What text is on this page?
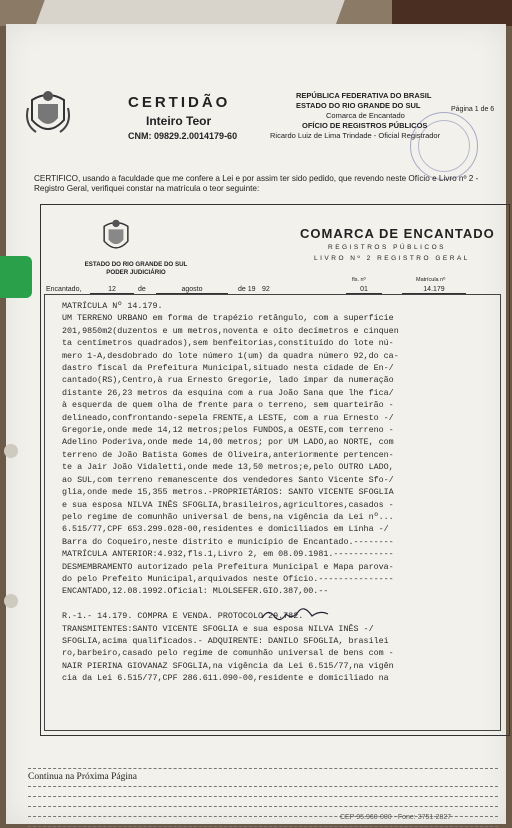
CERTIDÃO
Inteiro Teor
CNM: 09829.2.0014179-60
REPÚBLICA FEDERATIVA DO BRASIL
ESTADO DO RIO GRANDE DO SUL
Comarca de Encantado
OFÍCIO DE REGISTROS PÚBLICOS
Ricardo Luiz de Lima Trindade - Oficial Registrador
Página 1 de 6
CERTIFICO, usando a faculdade que me confere a Lei e por assim ter sido pedido, que revendo neste Ofício e Livro nº 2 - Registro Geral, verifiquei constar na matrícula o teor seguinte:
COMARCA DE ENCANTADO
REGISTROS PÚBLICOS
LIVRO Nº 2 REGISTRO GERAL
ESTADO DO RIO GRANDE DO SUL
PODER JUDICIÁRIO
Encantado,	12	de	agosto	de 19 92
fls. nº
01
Matrícula nº
14.179

MATRÍCULA Nº 14.179.

UM TERRENO URBANO em forma de trapézio retângulo, com a superfície

201,9850m2(duzentos e um metros,noventa e oito decímetros e cinquen

ta centímetros quadrados),sem benfeitorias,constituído do lote nú-

mero 1-A,desdobrado do lote número 1(um) da quadra número 92,do ca-

dastro fiscal da Prefeitura Municipal,situado nesta cidade de En-/

cantado(RS),Centro,à rua Ernesto Gregorie, lado ímpar da numeração

distante 26,23 metros da esquina com a rua João Sana que lhe fica/

à esquerda de quem olha de frente para o terreno, sem quarteirão -

delineado,confrontando-sepela FRENTE,a LESTE, com a rua Ernesto -/

Gregorie,onde mede 14,12 metros;pelos FUNDOS,a OESTE,com terreno -

Adelino Poderiva,onde mede 14,00 metros; por UM LADO,ao NORTE, com

terreno de João Batista Gomes de Oliveira,anteriormente pertencen-

te a Jair João Vidaletti,onde mede 13,50 metros;e,pelo OUTRO LADO,

ao SUL,com terreno remanescente dos vendedores Santo Vicente Sfo-/

glia,onde mede 15,355 metros.-PROPRIETÁRIOS: SANTO VICENTE SFOGLIA

e sua esposa NILVA INÊS SFOGLIA,brasileiros,agricultores,casados -

pelo regime de comunhão universal de bens,na vigência da Lei nº...

6.515/77,CPF 653.299.028-00,residentes e domiciliados em Linha -/

Barra do Coqueiro,neste distrito e município de Encantado.--------

MATRÍCULA ANTERIOR:4.932,fls.1,Livro 2, em 08.09.1981.------------

DESMEMBRAMENTO autorizado pela Prefeitura Municipal e Mapa parova-

do pelo Prefeito Municipal,arquivados neste Ofício.---------------

ENCANTADO,12.08.1992.Oficial: MLOLSEFER.GIO.387,00.--

R.-1.- 14.179. COMPRA E VENDA. PROTOCOLO 29.782.

TRANSMITENTES:SANTO VICENTE SFOGLIA e sua esposa NILVA INÊS -/

SFOGLIA,acima qualificados.- ADQUIRENTE: DANILO SFOGLIA, brasilei

ro,barbeiro,casado pelo regime de comunhão universal de bens com -

NAIR PIERINA GIOVANAZ SFOGLIA,na vigência da Lei 6.515/77,na vigên

cia da Lei 6.515/77,CPF 286.611.090-00,residente e domiciliado na

Continua na Próxima Página
CEP 95.960-000 - Fone: 3751-2827
